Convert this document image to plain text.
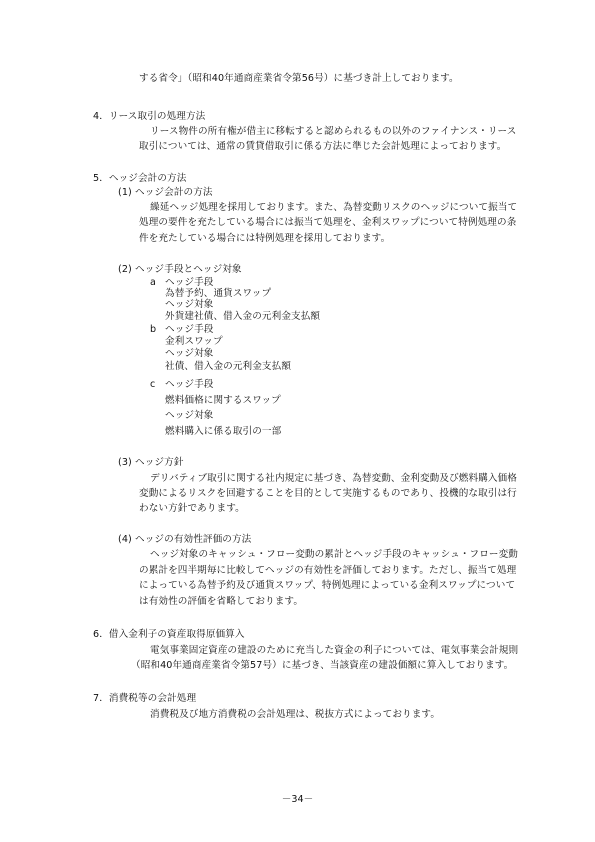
する省令」（昭和40年通商産業省令第56号）に基づき計上しております。
4．リース取引の処理方法
リース物件の所有権が借主に移転すると認められるもの以外のファイナンス・リース
取引については、通常の賃貸借取引に係る方法に準じた会計処理によっております。
5．ヘッジ会計の方法
(1) ヘッジ会計の方法
繰延ヘッジ処理を採用しております。また、為替変動リスクのヘッジについて振当て
処理の要件を充たしている場合には振当て処理を、金利スワップについて特例処理の条
件を充たしている場合には特例処理を採用しております。
(2) ヘッジ手段とヘッジ対象
a ヘッジ手段
為替予約、通貨スワップ
ヘッジ対象
外貨建社債、借入金の元利金支払額
b ヘッジ手段
金利スワップ
ヘッジ対象
社債、借入金の元利金支払額
c ヘッジ手段
燃料価格に関するスワップ
ヘッジ対象
燃料購入に係る取引の一部
(3) ヘッジ方針
デリバティブ取引に関する社内規定に基づき、為替変動、金利変動及び燃料購入価格
変動によるリスクを回避することを目的として実施するものであり、投機的な取引は行
わない方針であります。
(4) ヘッジの有効性評価の方法
ヘッジ対象のキャッシュ・フロー変動の累計とヘッジ手段のキャッシュ・フロー変動
の累計を四半期毎に比較してヘッジの有効性を評価しております。ただし、振当て処理
によっている為替予約及び通貨スワップ、特例処理によっている金利スワップについて
は有効性の評価を省略しております。
6．借入金利子の資産取得原価算入
電気事業固定資産の建設のために充当した資金の利子については、電気事業会計規則
（昭和40年通商産業省令第57号）に基づき、当該資産の建設価額に算入しております。
7．消費税等の会計処理
消費税及び地方消費税の会計処理は、税抜方式によっております。
－34－
